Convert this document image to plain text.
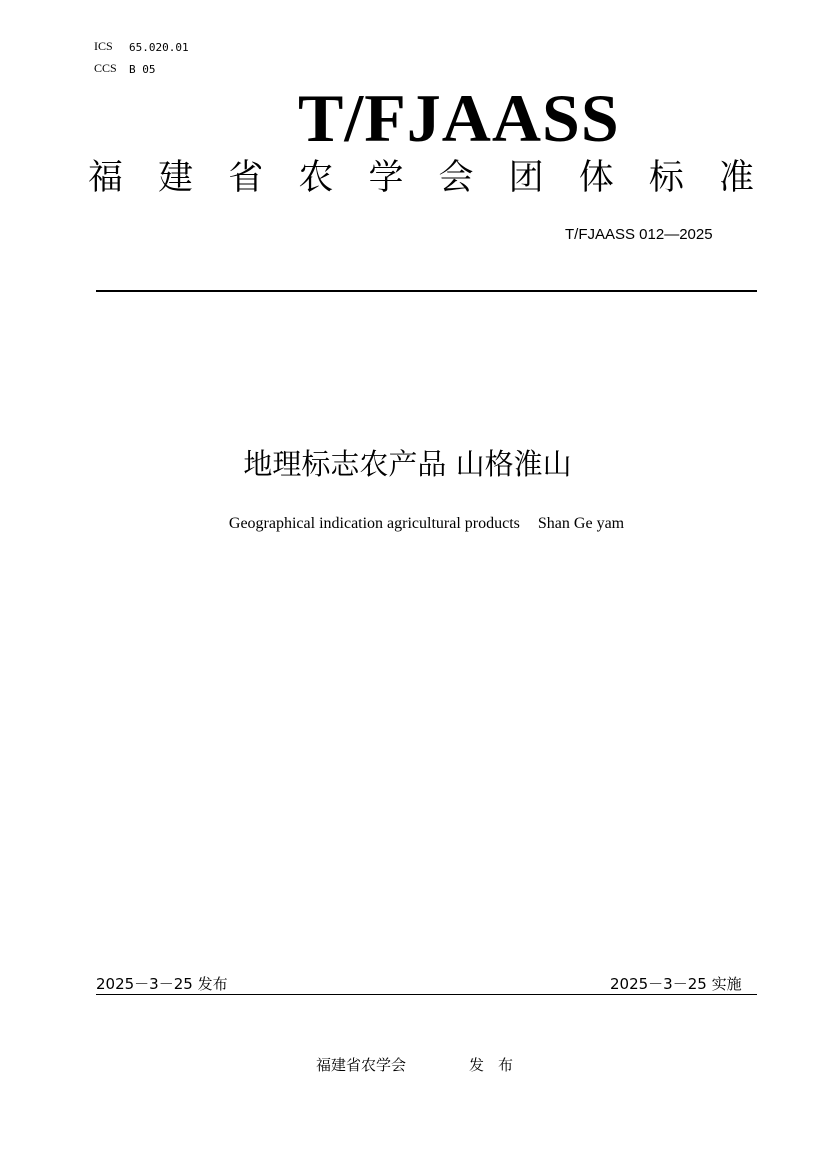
ICS 65.020.01
CCS B 05
T/FJAASS
福 建 省 农 学 会 团 体 标 准
T/FJAASS 012—2025
地理标志农产品 山格淮山
Geographical indication agricultural products Shan Ge yam
2025－3－25 发布	2025－3－25 实施
福建省农学会	发布
